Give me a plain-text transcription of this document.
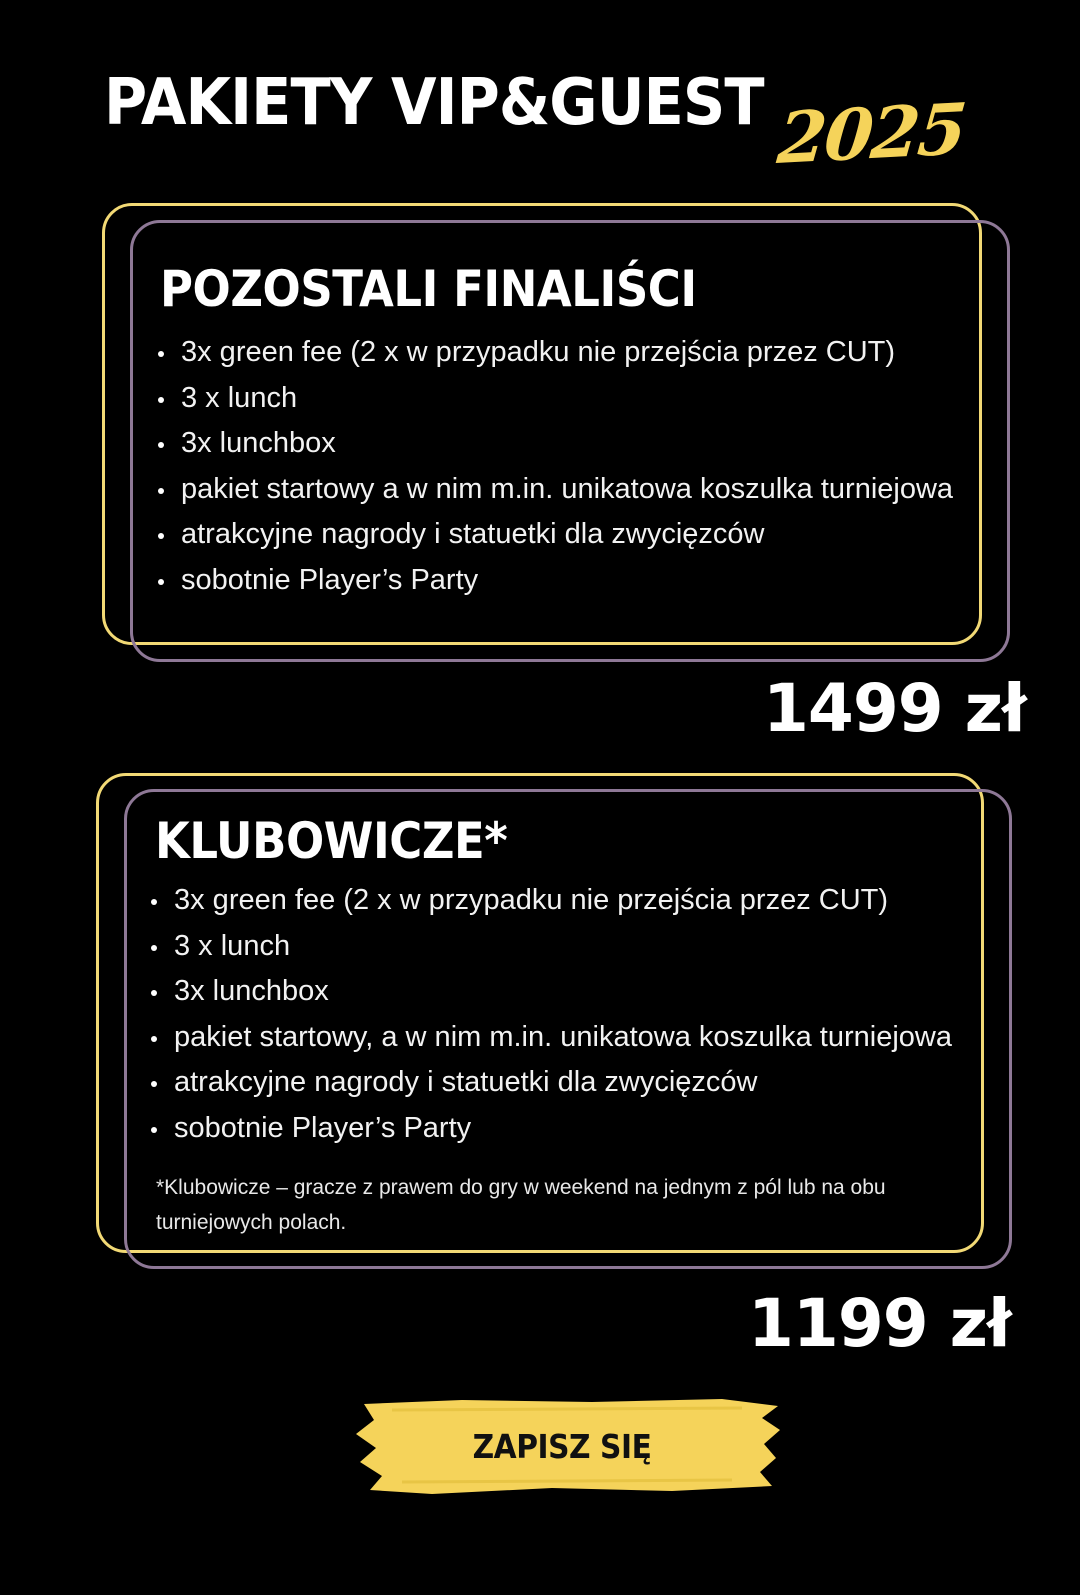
PAKIETY VIP&GUEST 2025
POZOSTALI FINALIŚCI
3x green fee (2 x w przypadku nie przejścia przez CUT)
3 x lunch
3x lunchbox
pakiet startowy a w nim m.in. unikatowa koszulka turniejowa
atrakcyjne nagrody i statuetki dla zwycięzców
sobotnie Player’s Party
1499 zł
KLUBOWICZE*
3x green fee (2 x w przypadku nie przejścia przez CUT)
3 x lunch
3x lunchbox
pakiet startowy, a w nim m.in. unikatowa koszulka turniejowa
atrakcyjne nagrody i statuetki dla zwycięzców
sobotnie Player’s Party
*Klubowicze – gracze z prawem do gry w weekend na jednym z pól lub na obu turniejowych polach.
1199 zł
ZAPISZ SIĘ
